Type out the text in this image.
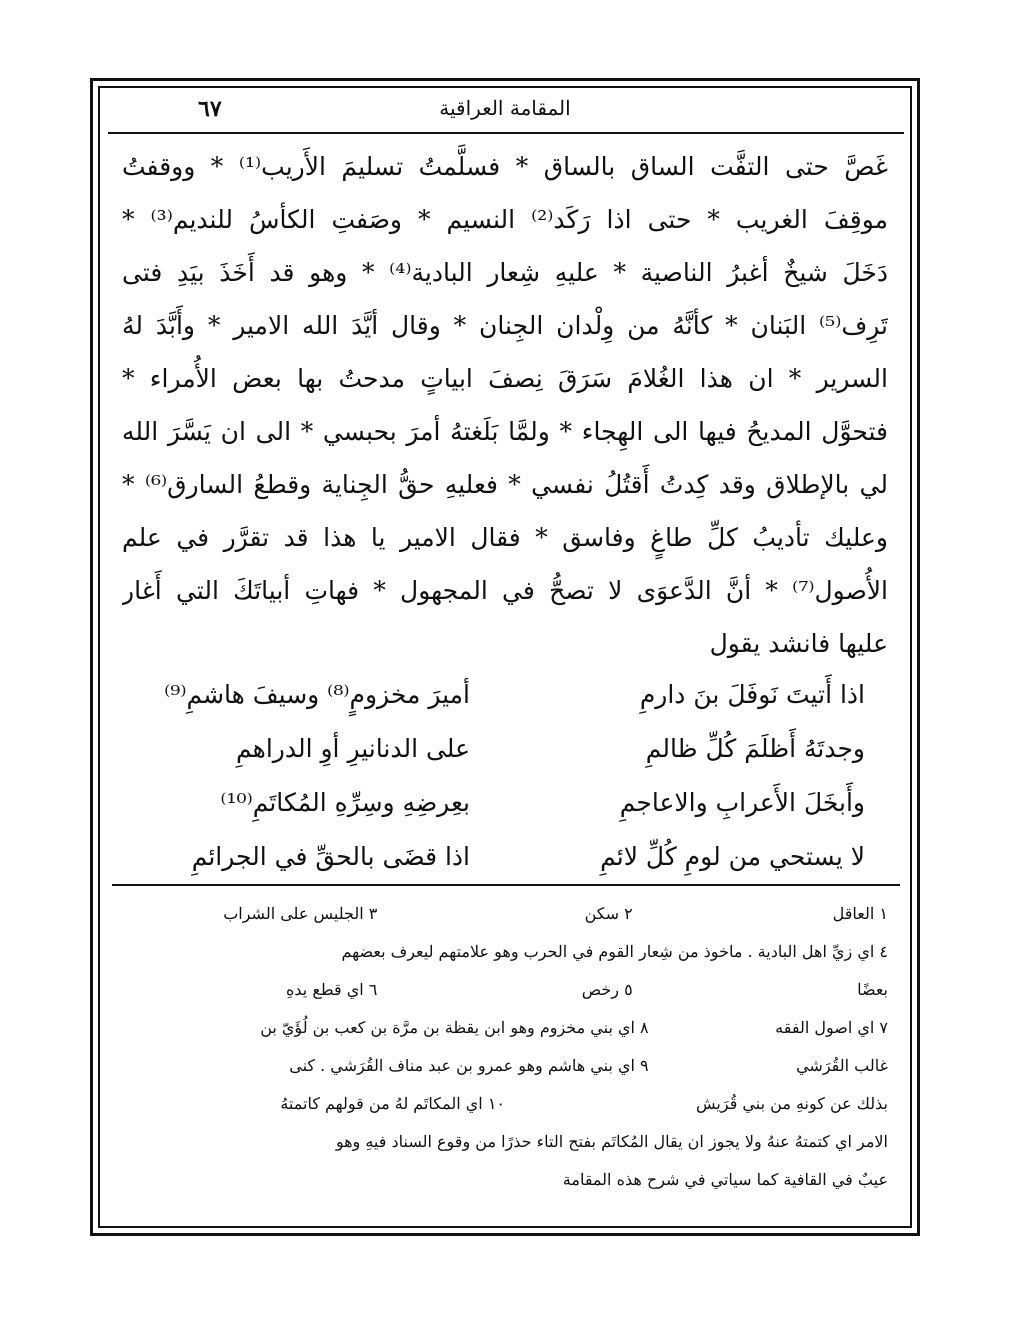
المقامة العراقية
٦٧
غَصَّ حتى التفَّت الساق بالساق * فسلَّمتُ تسليمَ الأَريب⁽¹⁾ * ووقفتُ
موقِفَ الغريب * حتى اذا رَكَد⁽²⁾ النسيم * وصَفتِ الكأسُ للنديم⁽³⁾ *
دَخَلَ شيخٌ أغبرُ الناصية * عليهِ شِعار البادية⁽⁴⁾ * وهو قد أَخَذَ بيَدِ فتى
تَرِف⁽⁵⁾ البَنان * كأنَّهُ من وِلْدان الجِنان * وقال أيَّدَ الله الامير * وأَبَّدَ لهُ
السرير * ان هذا الغُلامَ سَرَقَ نِصفَ ابياتٍ مدحتُ بها بعض الأُمراء *
فتحوَّل المديحُ فيها الى الهِجاء * ولمَّا بَلَغتهُ أمرَ بحبسي * الى ان يَسَّرَ الله
لي بالإطلاق وقد كِدتُ أَقتُلُ نفسي * فعليهِ حقُّ الجِناية وقطعُ السارق⁽⁶⁾ *
وعليك تأديبُ كلِّ طاغٍ وفاسق * فقال الامير يا هذا قد تقرَّر في علم
الأُصول⁽⁷⁾ * أنَّ الدَّعوَى لا تصحُّ في المجهول * فهاتِ أبياتَكَ التي أَغار
عليها فانشد يقول
اذا أَتيتَ نَوفَلَ بنَ دارمِ
أميرَ مخزومٍ⁽⁸⁾ وسيفَ هاشمِ⁽⁹⁾
وجدتَهُ أَظلَمَ كُلِّ ظالمِ
على الدنانيرِ أوِ الدراهمِ
وأَبخَلَ الأَعرابِ والاعاجمِ
بعِرضِهِ وسِرِّهِ المُكاتَمِ⁽¹⁰⁾
لا يستحي من لومِ كُلِّ لائمِ
اذا قضَى بالحقِّ في الجرائمِ
١ العاقل
٢ سكن
٣ الجليس على الشراب
٤ اي زيِّ اهل البادية . ماخوذ من شِعار القوم في الحرب وهو علامتهم ليعرف بعضهم
بعضًا
٥ رخص
٦ اي قطع يدهِ
٧ اي اصول الفقه
٨ اي بني مخزوم وهو ابن يقظة بن مرَّة بن كعب بن لُؤَيّ بن
غالب القُرَشي
٩ اي بني هاشم وهو عمرو بن عبد مناف القُرَشي . كنى
بذلك عن كونهِ من بني قُرَيش
١٠ اي المكاتَم لهُ من قولهم كاتمتهُ
الامر اي كتمتهُ عنهُ ولا يجوز ان يقال المُكاتَم بفتح التاء حذرًا من وقوع السناد فيهِ وهو
عيبٌ في القافية كما سياتي في شرح هذه المقامة
